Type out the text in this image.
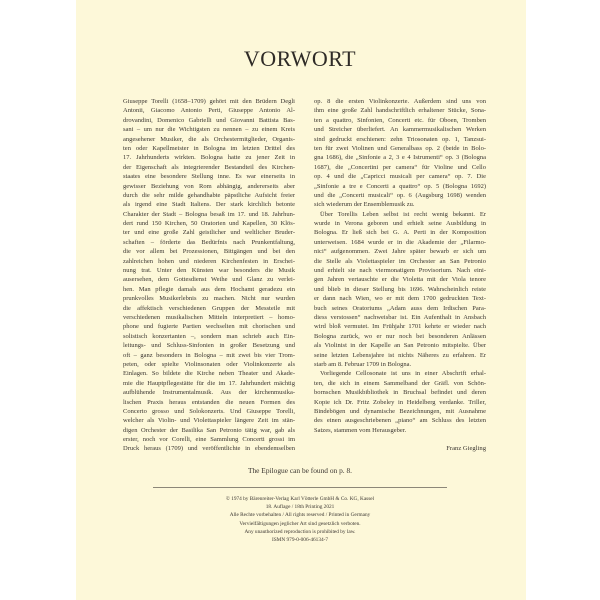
VORWORT
Giuseppe Torelli (1658–1709) gehört mit den Brüdern Degli
Antonii, Giacomo Antonio Perti, Giuseppe Antonio Al-
drovandini, Domenico Gabrielli und Giovanni Battista Bas-
sani – um nur die Wichtigsten zu nennen – zu einem Kreis
angesehener Musiker, die als Orchestermitglieder, Organis-
ten oder Kapellmeister in Bologna im letzten Drittel des
17. Jahrhunderts wirkten. Bologna hatte zu jener Zeit in
der Eigenschaft als integrierender Bestandteil des Kirchen-
staates eine besondere Stellung inne. Es war einerseits in
gewisser Beziehung von Rom abhängig, andererseits aber
durch die sehr milde gehandhabte päpstliche Aufsicht freier
als irgend eine Stadt Italiens. Der stark kirchlich betonte
Charakter der Stadt – Bologna besaß im 17. und 18. Jahrhun-
dert rund 150 Kirchen, 50 Oratorien und Kapellen, 30 Klös-
ter und eine große Zahl geistlicher und weltlicher Bruder-
schaften – förderte das Bedürfnis nach Prunkentfaltung,
die vor allem bei Prozessionen, Bittgängen und bei den
zahlreichen hohen und niederen Kirchenfesten in Erschei-
nung trat. Unter den Künsten war besonders die Musik
ausersehen, dem Gottesdienst Weihe und Glanz zu verlei-
hen. Man pflegte damals aus dem Hochamt geradezu ein
prunkvolles Musikerlebnis zu machen. Nicht nur wurden
die affektisch verschiedenen Gruppen der Messteile mit
verschiedenen musikalischen Mitteln interpretiert – homo-
phone und fugierte Partien wechselten mit chorischen und
solistisch konzertanten –, sondern man schrieb auch Ein-
leitungs- und Schluss-Sinfonien in großer Besetzung und
oft – ganz besonders in Bologna – mit zwei bis vier Trom-
peten, oder spielte Violinsonaten oder Violinkonzerte als
Einlagen. So bildete die Kirche neben Theater und Akade-
mie die Hauptpflegestätte für die im 17. Jahrhundert mächtig
aufblühende Instrumentalmusik. Aus der kirchenmusika-
lischen Praxis heraus entstanden die neuen Formen des
Concerto grosso und Solokonzerts. Und Giuseppe Torelli,
welcher als Violin- und Violettaspieler längere Zeit im stän-
digen Orchester der Basilika San Petronio tätig war, gab als
erster, noch vor Corelli, eine Sammlung Concerti grossi im
Druck heraus (1709) und veröffentlichte in ebendemselben
op. 8 die ersten Violinkonzerte. Außerdem sind uns von
ihm eine große Zahl handschriftlich erhaltener Stücke, Sona-
ten a quattro, Sinfonien, Concerti etc. für Oboen, Tromben
und Streicher überliefert. An kammermusikalischen Werken
sind gedruckt erschienen: zehn Triosonaten op. 1, Tanzsui-
ten für zwei Violinen und Generalbass op. 2 (beide in Bolo-
gna 1686), die „Sinfonie a 2, 3 e 4 Istrumenti“ op. 3 (Bologna
1687), die „Concertini per camera“ für Violine und Cello
op. 4 und die „Capricci musicali per camera“ op. 7. Die
„Sinfonie a tre e Concerti a quattro“ op. 5 (Bologna 1692)
und die „Concerti musicali“ op. 6 (Augsburg 1698) wenden
sich wiederum der Ensemblemusik zu.
Über Torellis Leben selbst ist recht wenig bekannt. Er
wurde in Verona geboren und erhielt seine Ausbildung in
Bologna. Er ließ sich bei G. A. Perti in der Komposition
unterweisen. 1684 wurde er in die Akademie der „Filarmo-
nici“ aufgenommen. Zwei Jahre später bewarb er sich um
die Stelle als Violettaspieler im Orchester an San Petronio
und erhielt sie nach viermonatigem Provisorium. Nach eini-
gen Jahren vertauschte er die Violetta mit der Viola tenore
und blieb in dieser Stellung bis 1696. Wahrscheinlich reiste
er dann nach Wien, wo er mit dem 1700 gedruckten Text-
buch seines Oratoriums „Adam auss dem Irdischen Para-
diess verstossen“ nachweisbar ist. Ein Aufenthalt in Ansbach
wird bloß vermutet. Im Frühjahr 1701 kehrte er wieder nach
Bologna zurück, wo er nur noch bei besonderen Anlässen
als Violinist in der Kapelle an San Petronio mitspielte. Über
seine letzten Lebensjahre ist nichts Näheres zu erfahren. Er
starb am 8. Februar 1709 in Bologna.
Vorliegende Cellosonate ist uns in einer Abschrift erhal-
ten, die sich in einem Sammelband der Gräfl. von Schön-
bornschen Musikbibliothek in Bruchsal befindet und deren
Kopie ich Dr. Fritz Zobeley in Heidelberg verdanke. Triller,
Bindebögen und dynamische Bezeichnungen, mit Ausnahme
des einen ausgeschriebenen „piano“ am Schluss des letzten
Satzes, stammen vom Herausgeber.
Franz Giegling
The Epilogue can be found on p. 8.
© 1974 by Bärenreiter-Verlag Karl Vötterle GmbH & Co. KG, Kassel
18. Auflage / 18th Printing 2021
Alle Rechte vorbehalten / All rights reserved / Printed in Germany
Vervielfältigungen jeglicher Art sind gesetzlich verboten.
Any unauthorized reproduction is prohibited by law.
ISMN 979-0-006-46134-7
